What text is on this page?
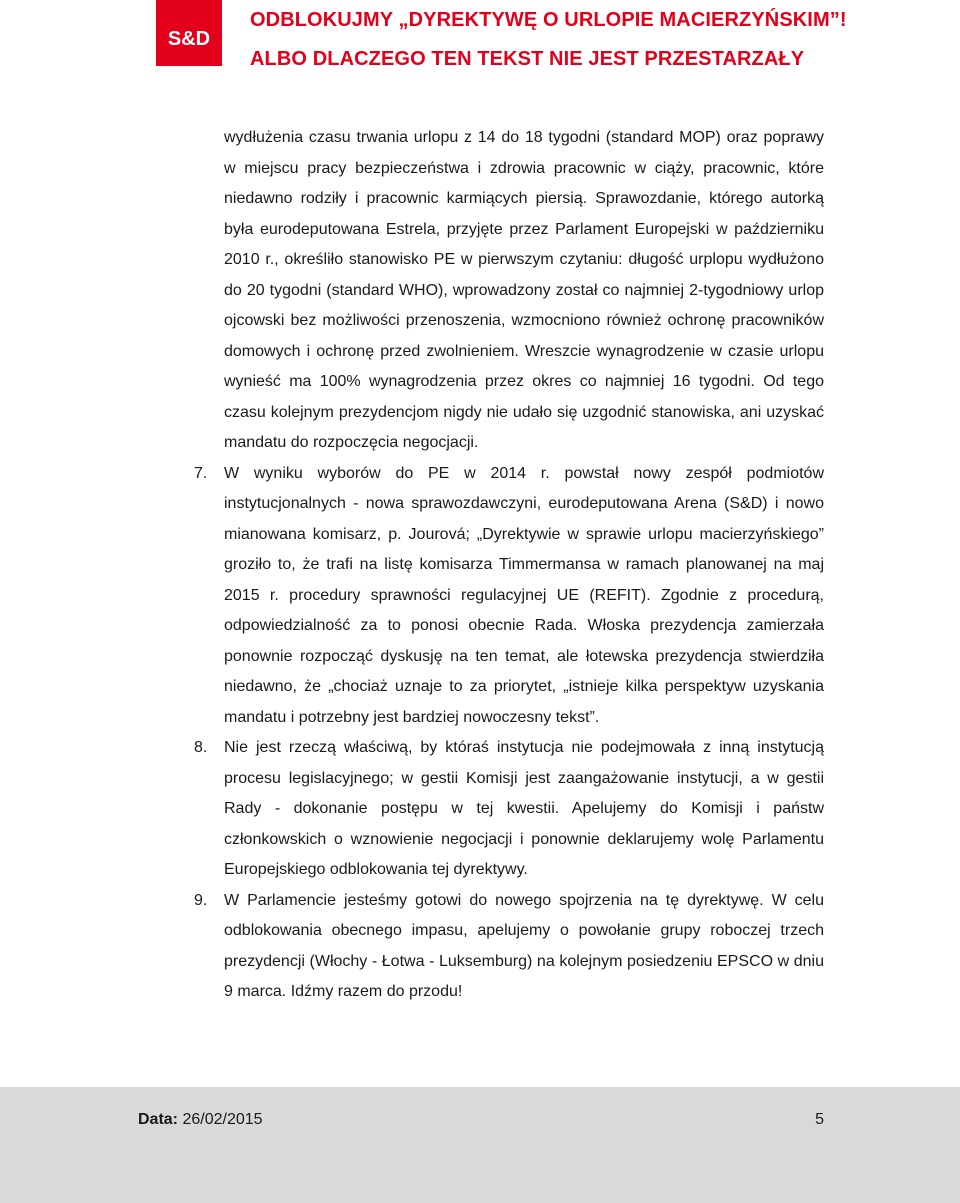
S&D
ODBLOKUJMY „DYREKTYWĘ O URLOPIE MACIERZYŃSKIM”!
ALBO DLACZEGO TEN TEKST NIE JEST PRZESTARZAŁY
wydłużenia czasu trwania urlopu z 14 do 18 tygodni (standard MOP) oraz poprawy w miejscu pracy bezpieczeństwa i zdrowia pracownic w ciąży, pracownic, które niedawno rodziły i pracownic karmiących piersią. Sprawozdanie, którego autorką była eurodeputowana Estrela, przyjęte przez Parlament Europejski w październiku 2010 r., określiło stanowisko PE w pierwszym czytaniu: długość urplopu wydłużono do 20 tygodni (standard WHO), wprowadzony został co najmniej 2-tygodniowy urlop ojcowski bez możliwości przenoszenia, wzmocniono również ochronę pracowników domowych i ochronę przed zwolnieniem. Wreszcie wynagrodzenie w czasie urlopu wynieść ma 100% wynagrodzenia przez okres co najmniej 16 tygodni. Od tego czasu kolejnym prezydencjom nigdy nie udało się uzgodnić stanowiska, ani uzyskać mandatu do rozpoczęcia negocjacji.
7. W wyniku wyborów do PE w 2014 r. powstał nowy zespół podmiotów instytucjonalnych - nowa sprawozdawczyni, eurodeputowana Arena (S&D) i nowo mianowana komisarz, p. Jourová; „Dyrektywie w sprawie urlopu macierzyńskiego” groziło to, że trafi na listę komisarza Timmermansa w ramach planowanej na maj 2015 r. procedury sprawności regulacyjnej UE (REFIT). Zgodnie z procedurą, odpowiedzialność za to ponosi obecnie Rada. Włoska prezydencja zamierzała ponownie rozpocząć dyskusję na ten temat, ale łotewska prezydencja stwierdziła niedawno, że „chociaż uznaje to za priorytet, „istnieje kilka perspektyw uzyskania mandatu i potrzebny jest bardziej nowoczesny tekst”.
8. Nie jest rzeczą właściwą, by któraś instytucja nie podejmowała z inną instytucją procesu legislacyjnego; w gestii Komisji jest zaangażowanie instytucji, a w gestii Rady - dokonanie postępu w tej kwestii. Apelujemy do Komisji i państw członkowskich o wznowienie negocjacji i ponownie deklarujemy wolę Parlamentu Europejskiego odblokowania tej dyrektywy.
9. W Parlamencie jesteśmy gotowi do nowego spojrzenia na tę dyrektywę. W celu odblokowania obecnego impasu, apelujemy o powołanie grupy roboczej trzech prezydencji (Włochy - Łotwa - Luksemburg) na kolejnym posiedzeniu EPSCO w dniu 9 marca. Idźmy razem do przodu!
Data: 26/02/2015	5
